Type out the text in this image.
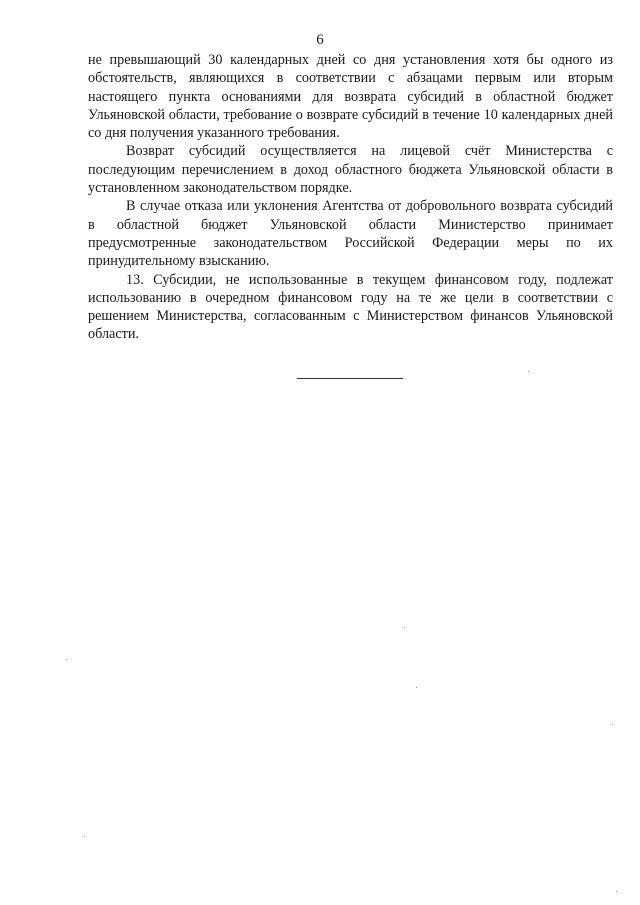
6

не превышающий 30 календарных дней со дня установления хотя бы одного из обстоятельств, являющихся в соответствии с абзацами первым или вторым настоящего пункта основаниями для возврата субсидий в областной бюджет Ульяновской области, требование о возврате субсидий в течение 10 календарных дней со дня получения указанного требования.

Возврат субсидий осуществляется на лицевой счёт Министерства с последующим перечислением в доход областного бюджета Ульяновской области в установленном законодательством порядке.

В случае отказа или уклонения Агентства от добровольного возврата субсидий в областной бюджет Ульяновской области Министерство принимает предусмотренные законодательством Российской Федерации меры по их принудительному взысканию.

13. Субсидии, не использованные в текущем финансовом году, подлежат использованию в очередном финансовом году на те же цели в соответствии с решением Министерства, согласованным с Министерством финансов Ульяновской области.
